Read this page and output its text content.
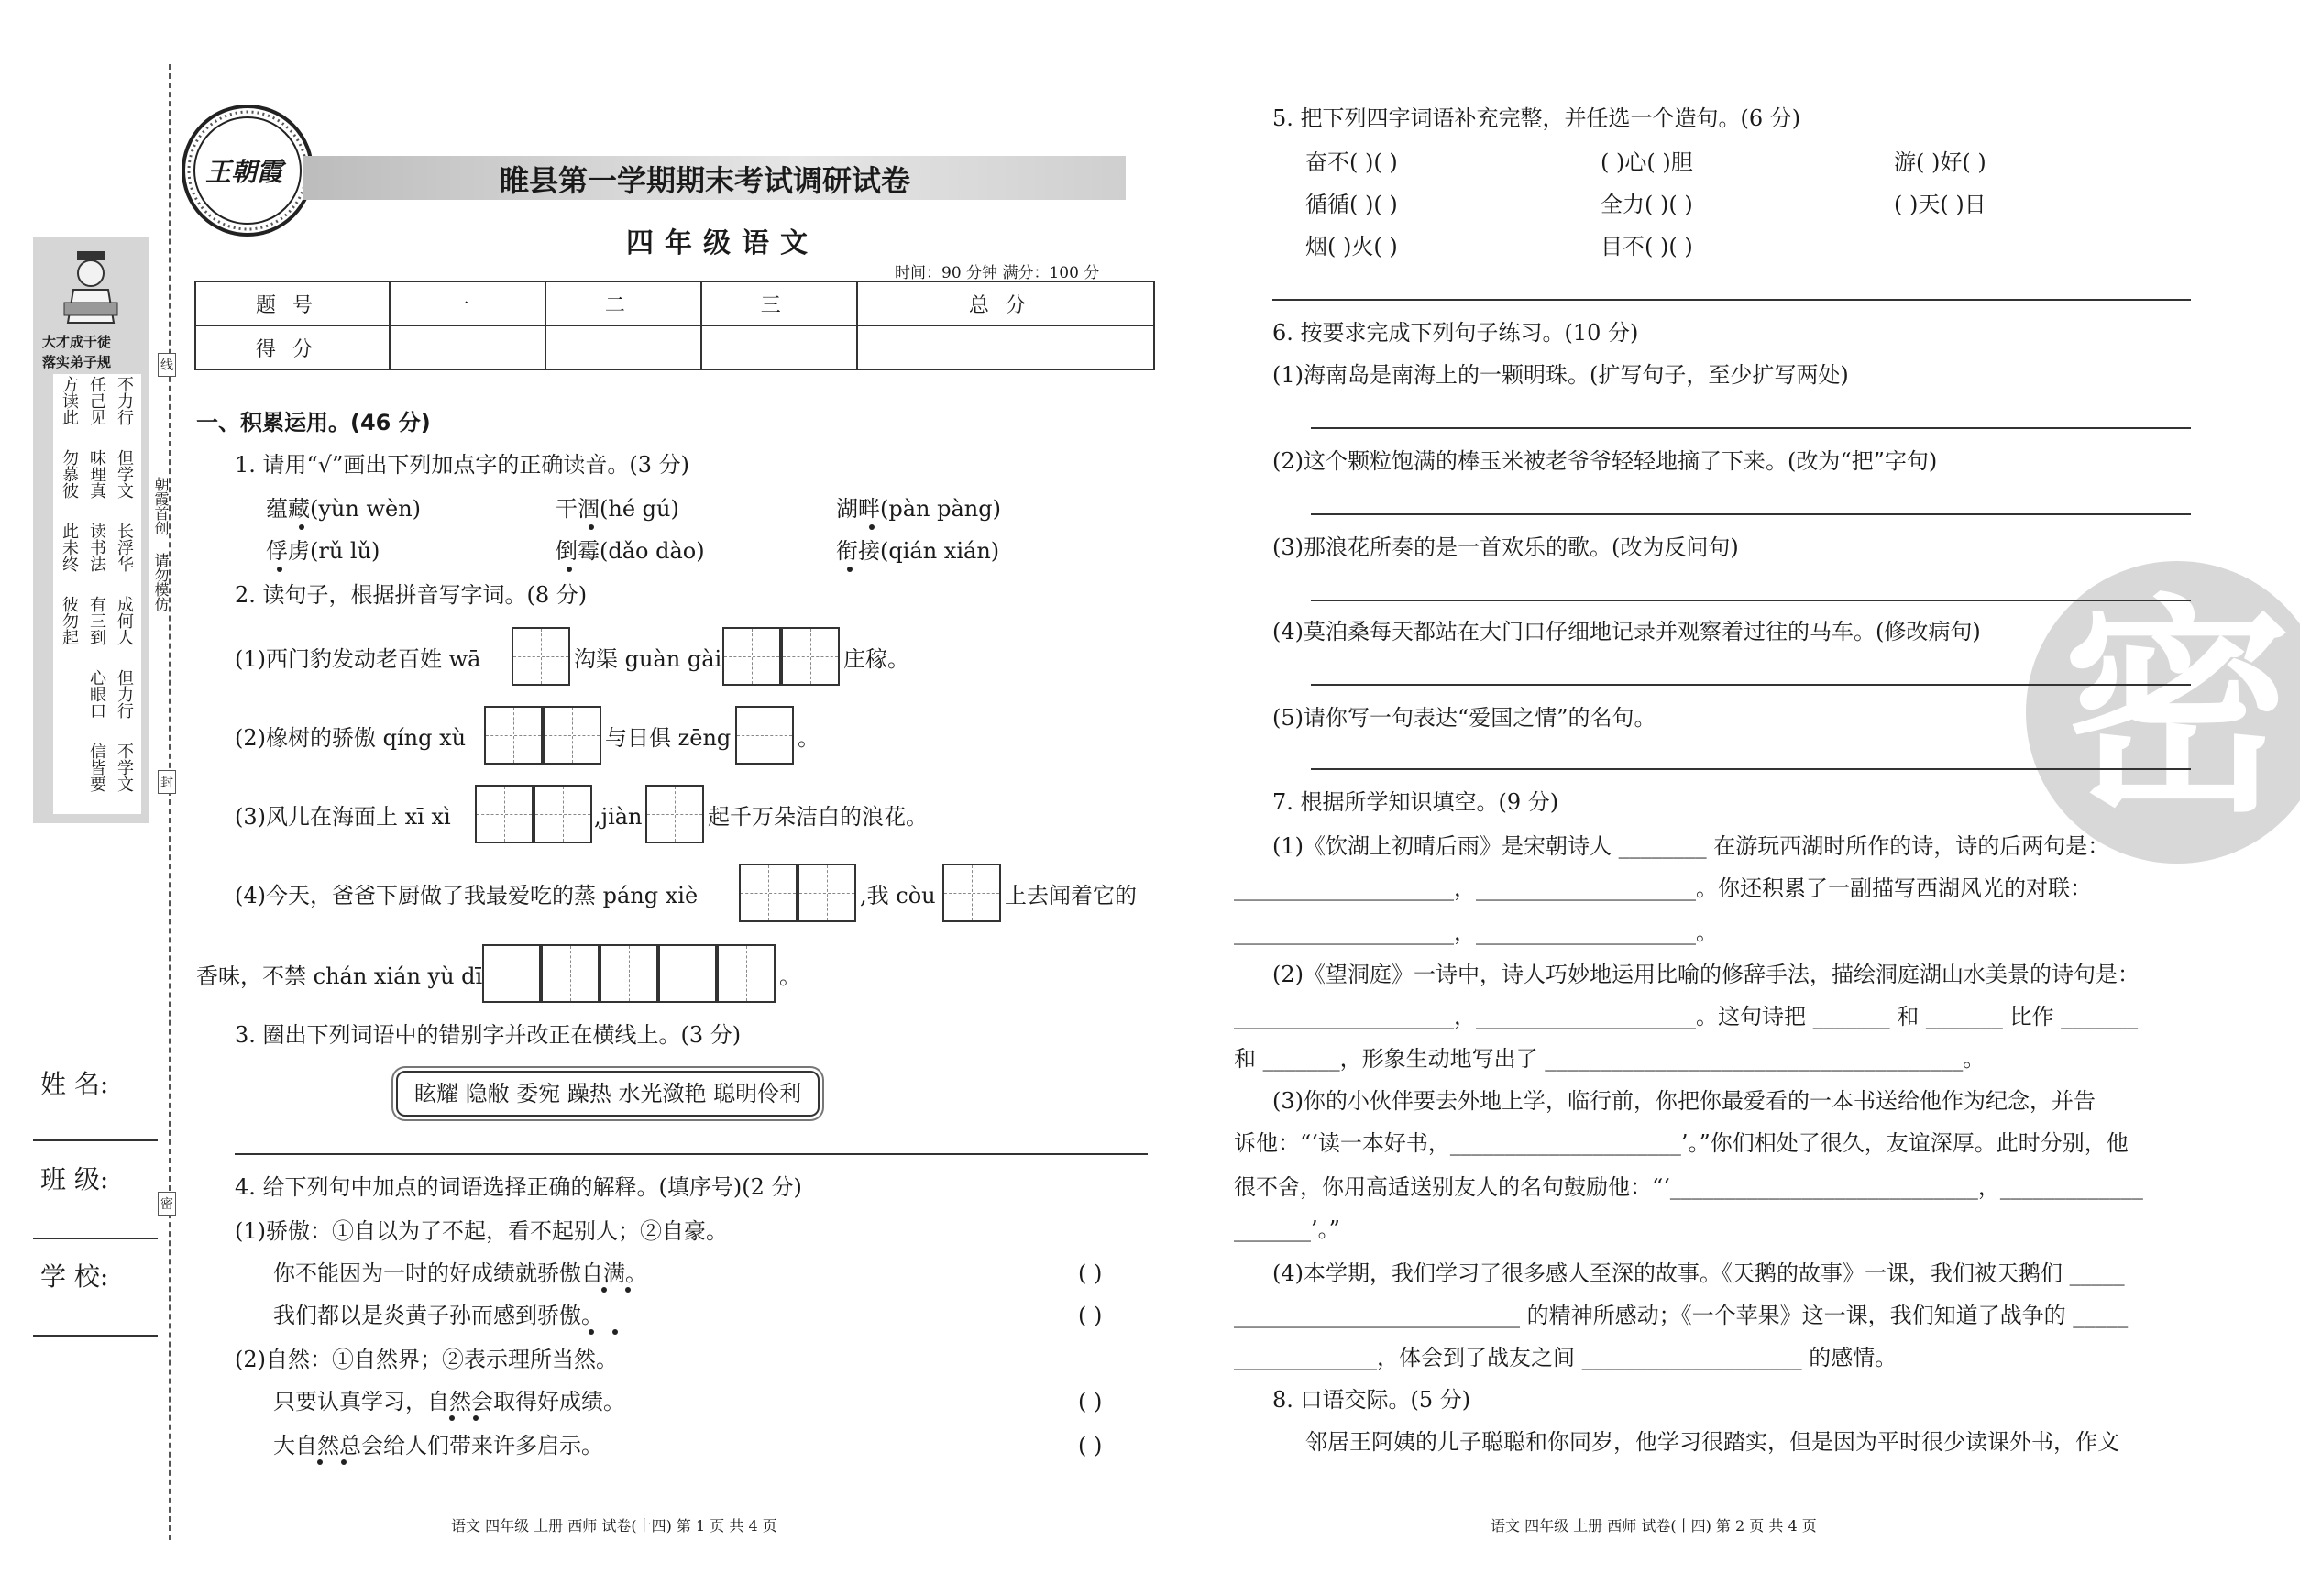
大才成于徒
落实弟子规
方读此 任己见 不力行
勿慕彼 味理真 但学文
此未终 读书法 长浮华
彼勿起 有三到 成何人
心眼口 但力行
信皆要 不学文
朝霞首创 请勿模仿
线
封
密
姓 名:
班 级:
学 校:
王朝霞	睢县第一学期期末考试调研试卷
四年级语文
时间：90 分钟 满分：100 分
题号	一	二	三	总分
得分				
一、积累运用。(46 分)
1. 请用“√”画出下列加点字的正确读音。(3 分)
蕴藏(yùn wèn)	干涸(hé gú)	湖畔(pàn pàng)
俘虏(rǔ lǔ)	倒霉(dǎo dào)	衔接(qián xián)
2. 读句子，根据拼音写字词。(8 分)
(1)西门豹发动老百姓 wā	沟渠 guàn gài	庄稼。
(2)橡树的骄傲 qíng xù	与日俱 zēng	。
(3)风儿在海面上 xī xì	,jiàn	起千万朵洁白的浪花。
(4)今天，爸爸下厨做了我最爱吃的蒸 páng xiè	,我 còu	上去闻着它的
香味，不禁 chán xián yù dī	。
3. 圈出下列词语中的错别字并改正在横线上。(3 分)
眩耀 隐敝 委宛 躁热 水光潋艳 聪明伶利
4. 给下列句中加点的词语选择正确的解释。(填序号)(2 分)
(1)骄傲：①自以为了不起，看不起别人；②自豪。
你不能因为一时的好成绩就骄傲自满。	( )
我们都以是炎黄子孙而感到骄傲。	( )
(2)自然：①自然界；②表示理所当然。
只要认真学习，自然会取得好成绩。	( )
大自然总会给人们带来许多启示。	( )
语文 四年级 上册 西师 试卷(十四) 第 1 页 共 4 页
密
5. 把下列四字词语补充完整，并任选一个造句。(6 分)
奋不( )( )	( )心( )胆	游( )好( )
循循( )( )	全力( )( )	( )天( )日
烟( )火( )	目不( )( )
6. 按要求完成下列句子练习。(10 分)
(1)海南岛是南海上的一颗明珠。(扩写句子，至少扩写两处)
(2)这个颗粒饱满的棒玉米被老爷爷轻轻地摘了下来。(改为“把”字句)
(3)那浪花所奏的是一首欢乐的歌。(改为反问句)
(4)莫泊桑每天都站在大门口仔细地记录并观察着过往的马车。(修改病句)
(5)请你写一句表达“爱国之情”的名句。
7. 根据所学知识填空。(9 分)
(1)《饮湖上初晴后雨》是宋朝诗人 ________ 在游玩西湖时所作的诗，诗的后两句是：
____________________，____________________。你还积累了一副描写西湖风光的对联：
____________________，____________________。
(2)《望洞庭》一诗中，诗人巧妙地运用比喻的修辞手法，描绘洞庭湖山水美景的诗句是：
____________________，____________________。这句诗把 _______ 和 _______ 比作 _______
和 _______，形象生动地写出了 ______________________________________。
(3)你的小伙伴要去外地上学，临行前，你把你最爱看的一本书送给他作为纪念，并告
诉他：“‘读一本好书，_____________________’。”你们相处了很久，友谊深厚。此时分别，他
很不舍，你用高适送别友人的名句鼓励他：“‘____________________________，_____________
_______’。”
(4)本学期，我们学习了很多感人至深的故事。《天鹅的故事》一课，我们被天鹅们 _____
__________________________ 的精神所感动；《一个苹果》这一课，我们知道了战争的 _____
_____________，体会到了战友之间 ____________________ 的感情。
8. 口语交际。(5 分)
邻居王阿姨的儿子聪聪和你同岁，他学习很踏实，但是因为平时很少读课外书，作文
语文 四年级 上册 西师 试卷(十四) 第 2 页 共 4 页
